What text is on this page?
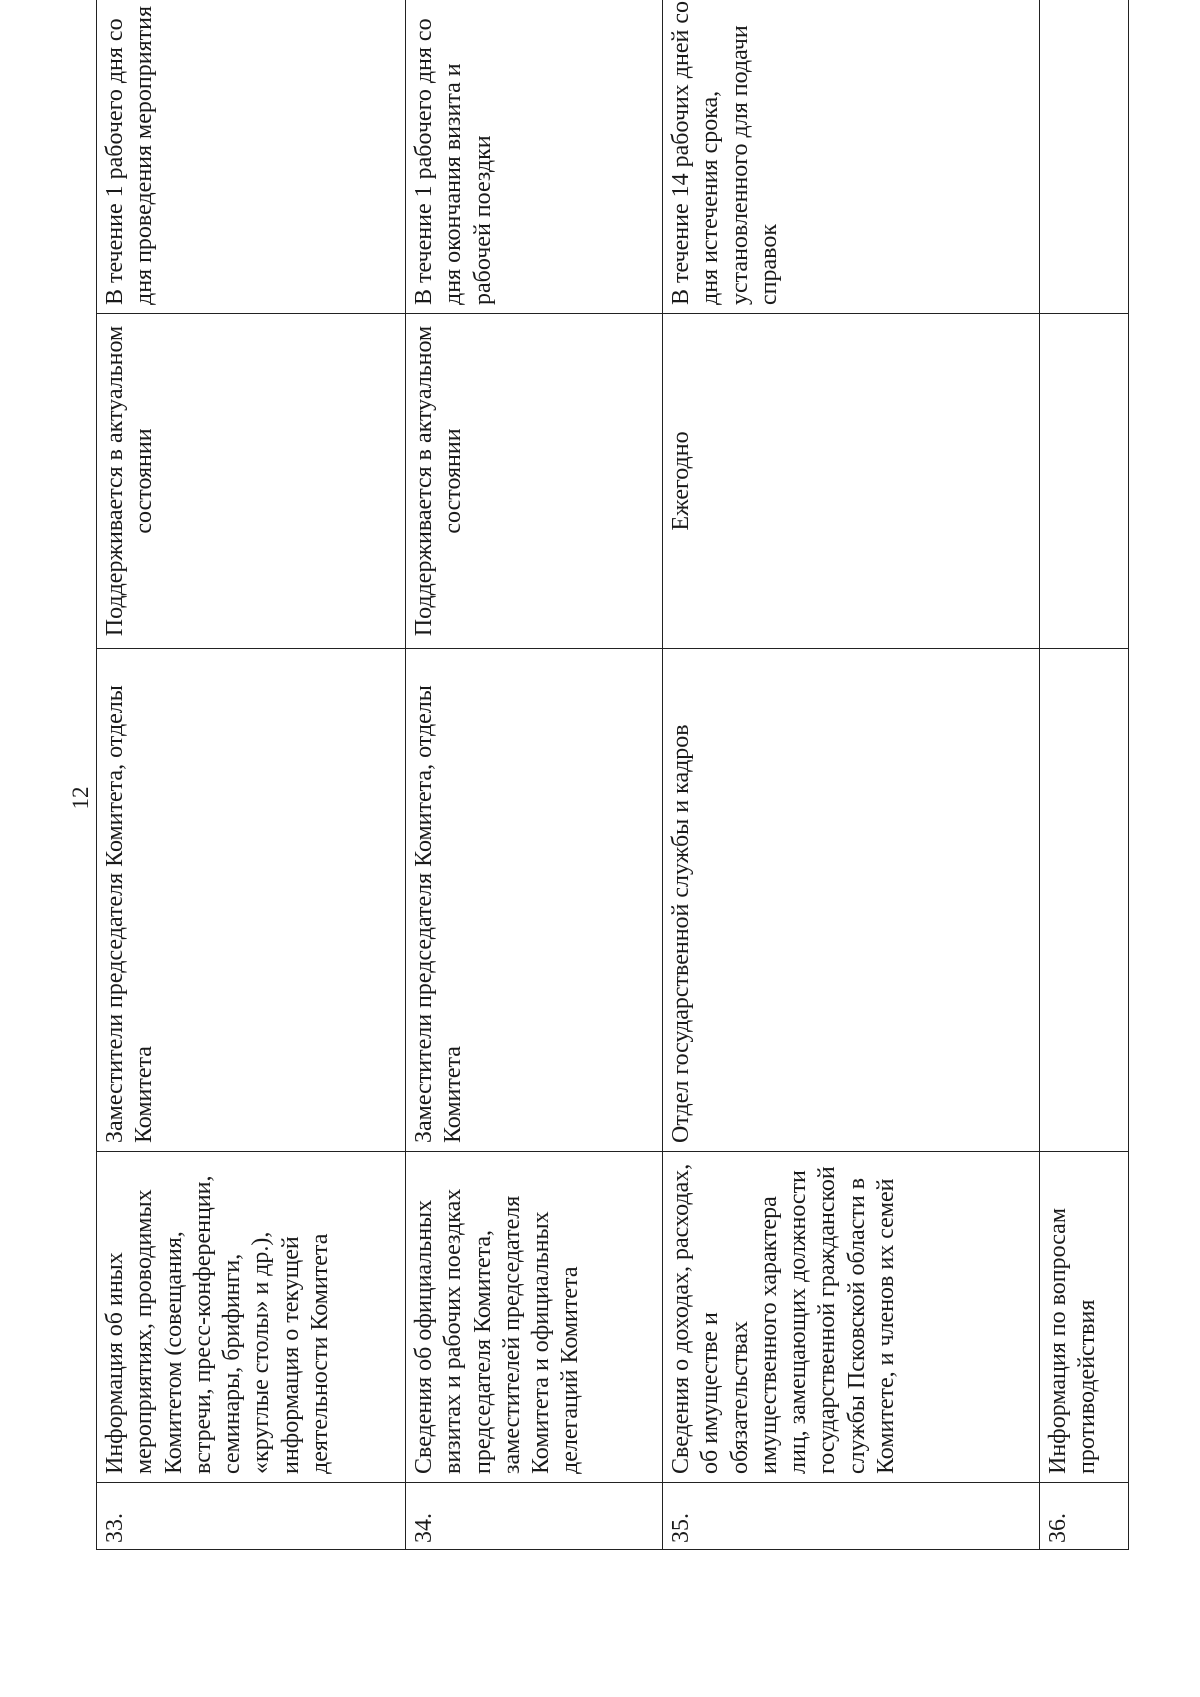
12
33.	Информация об иных мероприятиях, проводимых Комитетом (совещания, встречи, пресс-конференции, семинары, брифинги, «круглые столы» и др.), информация о текущей деятельности Комитета	Заместители председателя Комитета, отделы Комитета	Поддерживается в актуальном состоянии	В течение 1 рабочего дня со дня проведения мероприятия
34.	Сведения об официальных визитах и рабочих поездках председателя Комитета, заместителей председателя Комитета и официальных делегаций Комитета	Заместители председателя Комитета, отделы Комитета	Поддерживается в актуальном состоянии	В течение 1 рабочего дня со дня окончания визита и рабочей поездки
35.	Сведения о доходах, расходах, об имуществе и обязательствах имущественного характера лиц, замещающих должности государственной гражданской службы Псковской области в Комитете, и членов их семей	Отдел государственной службы и кадров	Ежегодно	В течение 14 рабочих дней со дня истечения срока, установленного для подачи справок
36.	Информация по вопросам противодействия			
